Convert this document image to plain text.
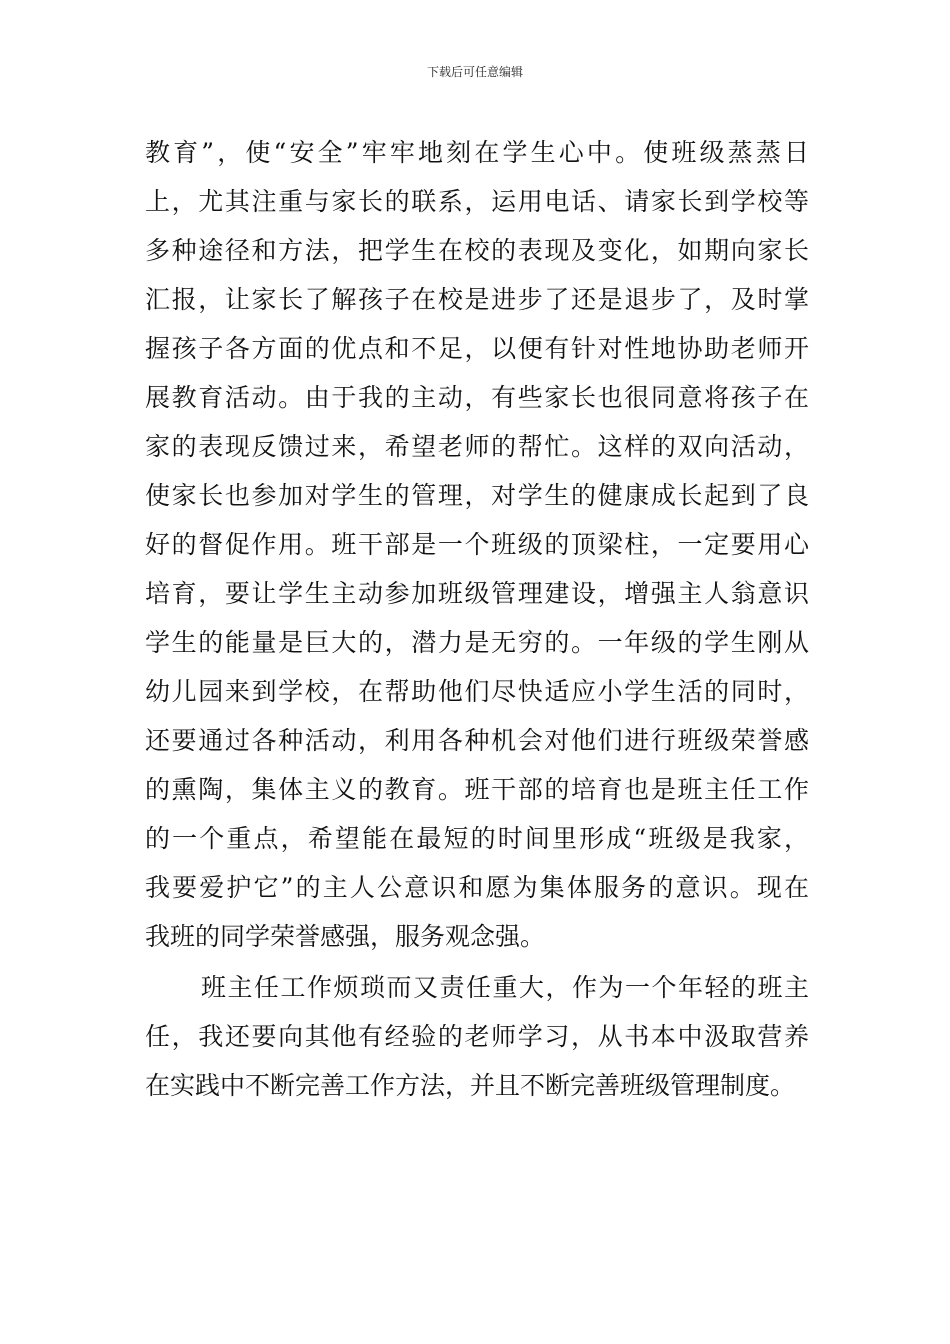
下载后可任意编辑
教育”，使“安全”牢牢地刻在学生心中。使班级蒸蒸日
上，尤其注重与家长的联系，运用电话、请家长到学校等
多种途径和方法，把学生在校的表现及变化，如期向家长
汇报，让家长了解孩子在校是进步了还是退步了，及时掌
握孩子各方面的优点和不足，以便有针对性地协助老师开
展教育活动。由于我的主动，有些家长也很同意将孩子在
家的表现反馈过来，希望老师的帮忙。这样的双向活动，
使家长也参加对学生的管理，对学生的健康成长起到了良
好的督促作用。班干部是一个班级的顶梁柱，一定要用心
培育，要让学生主动参加班级管理建设，增强主人翁意识
学生的能量是巨大的，潜力是无穷的。一年级的学生刚从
幼儿园来到学校，在帮助他们尽快适应小学生活的同时，
还要通过各种活动，利用各种机会对他们进行班级荣誉感
的熏陶，集体主义的教育。班干部的培育也是班主任工作
的一个重点，希望能在最短的时间里形成“班级是我家，
我要爱护它”的主人公意识和愿为集体服务的意识。现在
我班的同学荣誉感强，服务观念强。
班主任工作烦琐而又责任重大，作为一个年轻的班主
任，我还要向其他有经验的老师学习，从书本中汲取营养
在实践中不断完善工作方法，并且不断完善班级管理制度。
